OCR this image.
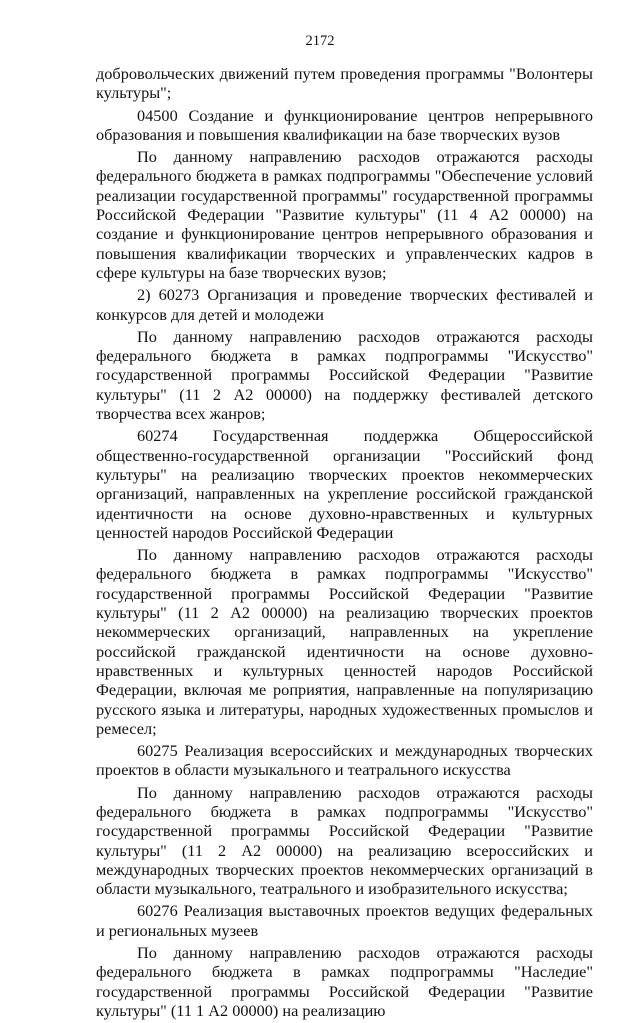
2172

добровольческих движений путем проведения программы "Волонтеры культуры";

04500 Создание и функционирование центров непрерывного образования и повышения квалификации на базе творческих вузов

По данному направлению расходов отражаются расходы федерального бюджета в рамках подпрограммы "Обеспечение условий реализации государственной программы" государственной программы Российской Федерации "Развитие культуры" (11 4 А2 00000) на создание и функционирование центров непрерывного образования и повышения квалификации творческих и управленческих кадров в сфере культуры на базе творческих вузов;

2) 60273 Организация и проведение творческих фестивалей и конкурсов для детей и молодежи

По данному направлению расходов отражаются расходы федерального бюджета в рамках подпрограммы "Искусство" государственной программы Российской Федерации "Развитие культуры" (11 2 А2 00000) на поддержку фестивалей детского творчества всех жанров;

60274 Государственная поддержка Общероссийской общественно-государственной организации "Российский фонд культуры" на реализацию творческих проектов некоммерческих организаций, направленных на укрепление российской гражданской идентичности на основе духовно-нравственных и культурных ценностей народов Российской Федерации

По данному направлению расходов отражаются расходы федерального бюджета в рамках подпрограммы "Искусство" государственной программы Российской Федерации "Развитие культуры" (11 2 А2 00000) на реализацию творческих проектов некоммерческих организаций, направленных на укрепление российской гражданской идентичности на основе духовно-нравственных и культурных ценностей народов Российской Федерации, включая ме роприятия, направленные на популяризацию русского языка и литературы, народных художественных промыслов и ремесел;

60275 Реализация всероссийских и международных творческих проектов в области музыкального и театрального искусства

По данному направлению расходов отражаются расходы федерального бюджета в рамках подпрограммы "Искусство" государственной программы Российской Федерации "Развитие культуры" (11 2 А2 00000) на реализацию всероссийских и международных творческих проектов некоммерческих организаций в области музыкального, театрального и изобразительного искусства;

60276 Реализация выставочных проектов ведущих федеральных и региональных музеев

По данному направлению расходов отражаются расходы федерального бюджета в рамках подпрограммы "Наследие" государственной программы Российской Федерации "Развитие культуры" (11 1 А2 00000) на реализацию
